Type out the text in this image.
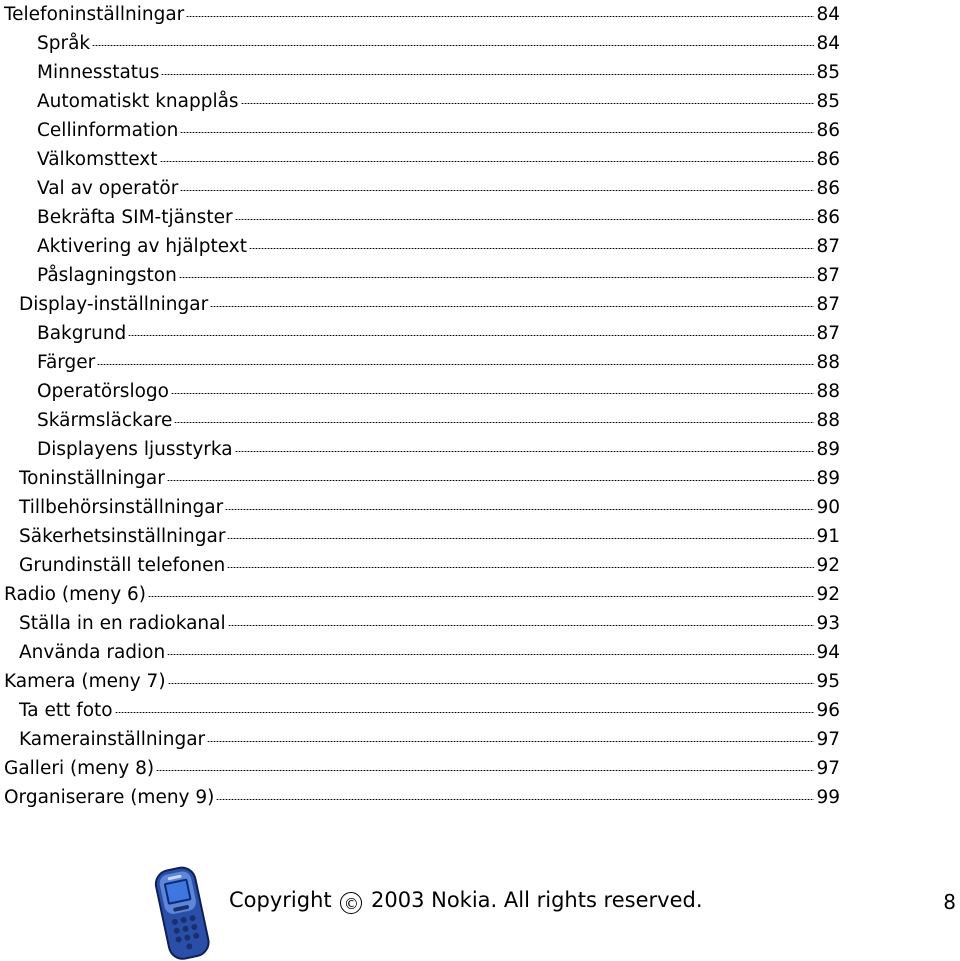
Telefoninställningar	84
Språk	84
Minnesstatus	85
Automatiskt knapplås	85
Cellinformation	86
Välkomsttext	86
Val av operatör	86
Bekräfta SIM-tjänster	86
Aktivering av hjälptext	87
Påslagningston	87
Display-inställningar	87
Bakgrund	87
Färger	88
Operatörslogo	88
Skärmsläckare	88
Displayens ljusstyrka	89
Toninställningar	89
Tillbehörsinställningar	90
Säkerhetsinställningar	91
Grundinställ telefonen	92
Radio (meny 6)	92
Ställa in en radiokanal	93
Använda radion	94
Kamera (meny 7)	95
Ta ett foto	96
Kamerainställningar	97
Galleri (meny 8)	97
Organiserare (meny 9)	99
Copyright © 2003 Nokia. All rights reserved.	8
